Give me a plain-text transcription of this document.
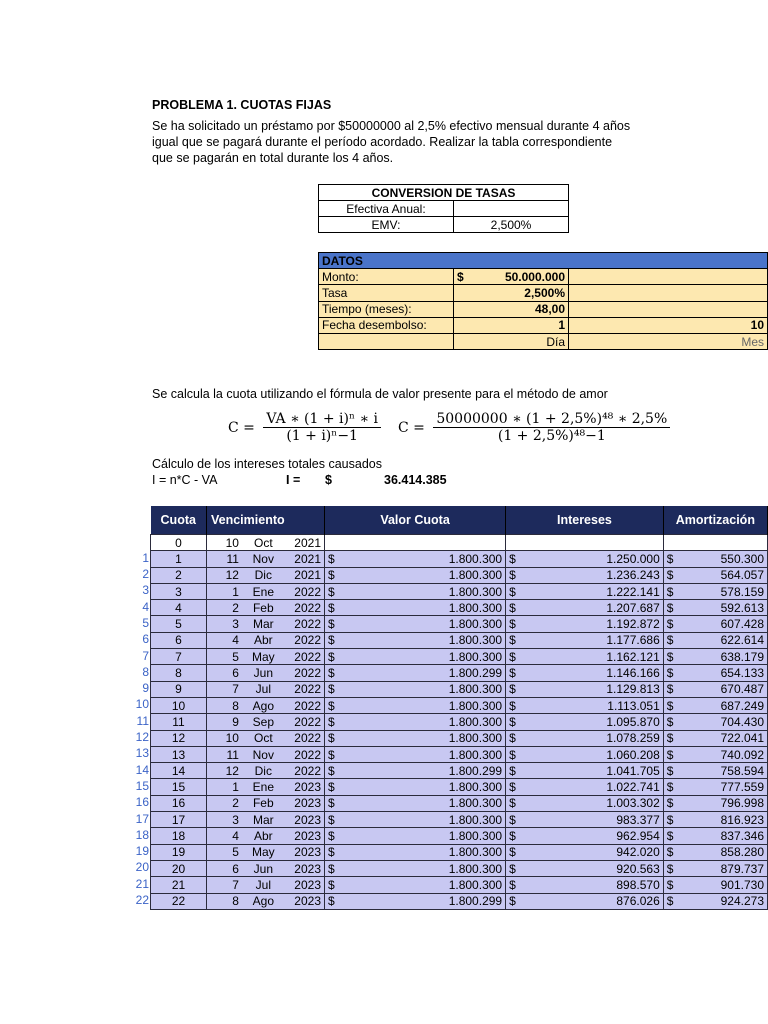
PROBLEMA 1. CUOTAS FIJAS
Se ha solicitado un préstamo por $50000000 al 2,5% efectivo mensual durante 4 años
igual que se pagará durante el período acordado. Realizar la tabla correspondiente
que se pagarán en total durante los 4 años.
CONVERSION DE TASAS	
Efectiva Anual:	
EMV:	2,500%
DATOS		
Monto:	$ 50.000.000	
Tasa	2,500%	
Tiempo (meses):	48,00	
Fecha desembolso:	1	10
	Día	Mes
Se calcula la cuota utilizando el fórmula de valor presente para el método de amor
$C = \frac{\text{VA ∗ (1 + i)ⁿ ∗ i}}{\text{(1 + i)ⁿ−1}}$ $C = \frac{\text{50000000 ∗ (1 + 2,5\%)⁴⁸ ∗ 2,5\%}}{\text{(1 + 2,5\%)⁴⁸−1}}$
Cálculo de los intereses totales causados
I = n*C - VA	I = $	36.414.385
Cuota	Vencimiento			Valor Cuota		Intereses		Amortización	
0	10	Oct	2021						
1	11	Nov	2021	$	1.800.300	$	1.250.000	$	550.300
2	12	Dic	2021	$	1.800.300	$	1.236.243	$	564.057
3	1	Ene	2022	$	1.800.300	$	1.222.141	$	578.159
4	2	Feb	2022	$	1.800.300	$	1.207.687	$	592.613
5	3	Mar	2022	$	1.800.300	$	1.192.872	$	607.428
6	4	Abr	2022	$	1.800.300	$	1.177.686	$	622.614
7	5	May	2022	$	1.800.300	$	1.162.121	$	638.179
8	6	Jun	2022	$	1.800.299	$	1.146.166	$	654.133
9	7	Jul	2022	$	1.800.300	$	1.129.813	$	670.487
10	8	Ago	2022	$	1.800.300	$	1.113.051	$	687.249
11	9	Sep	2022	$	1.800.300	$	1.095.870	$	704.430
12	10	Oct	2022	$	1.800.300	$	1.078.259	$	722.041
13	11	Nov	2022	$	1.800.300	$	1.060.208	$	740.092
14	12	Dic	2022	$	1.800.299	$	1.041.705	$	758.594
15	1	Ene	2023	$	1.800.300	$	1.022.741	$	777.559
16	2	Feb	2023	$	1.800.300	$	1.003.302	$	796.998
17	3	Mar	2023	$	1.800.300	$	983.377	$	816.923
18	4	Abr	2023	$	1.800.300	$	962.954	$	837.346
19	5	May	2023	$	1.800.300	$	942.020	$	858.280
20	6	Jun	2023	$	1.800.300	$	920.563	$	879.737
21	7	Jul	2023	$	1.800.300	$	898.570	$	901.730
22	8	Ago	2023	$	1.800.299	$	876.026	$	924.273
1
2
3
4
5
6
7
8
9
10
11
12
13
14
15
16
17
18
19
20
21
22
